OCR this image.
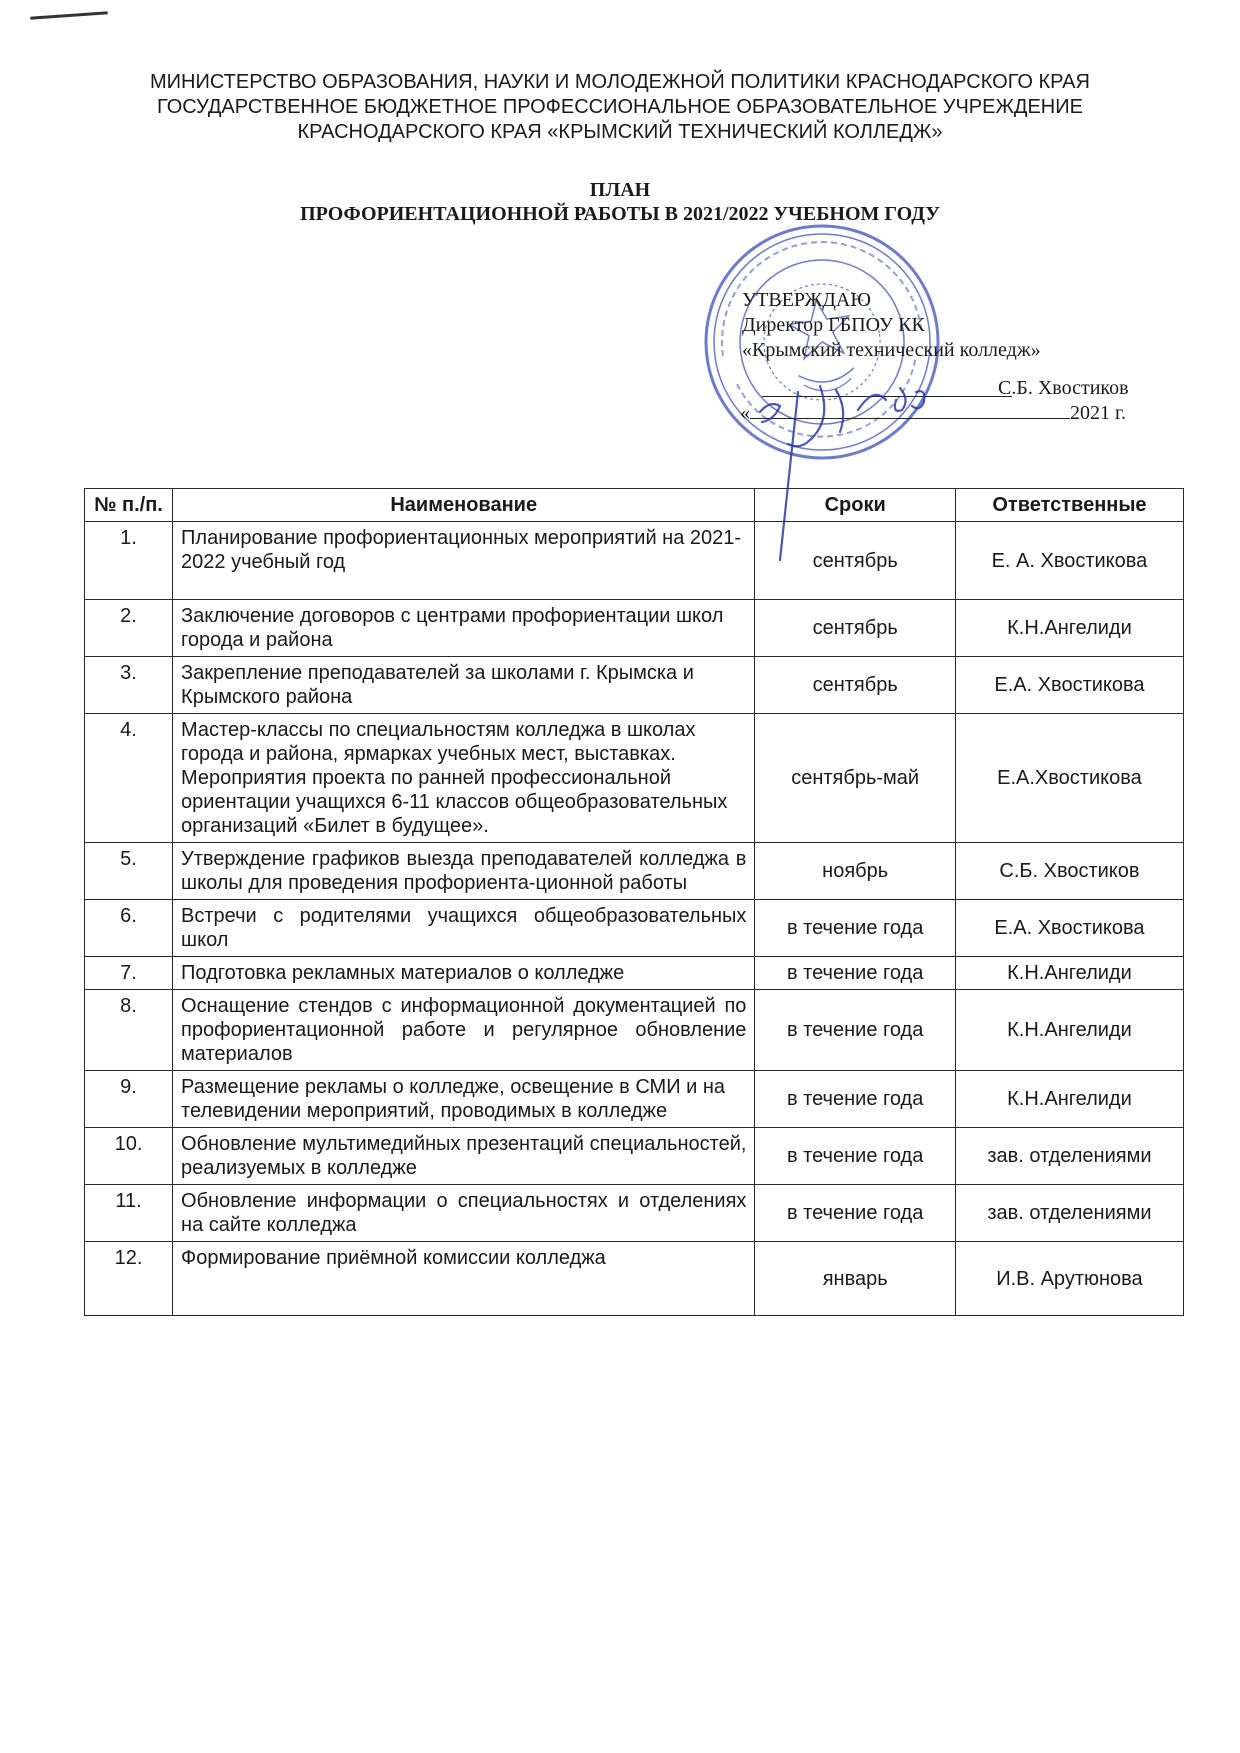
МИНИСТЕРСТВО ОБРАЗОВАНИЯ, НАУКИ И МОЛОДЕЖНОЙ ПОЛИТИКИ КРАСНОДАРСКОГО КРАЯ
ГОСУДАРСТВЕННОЕ БЮДЖЕТНОЕ ПРОФЕССИОНАЛЬНОЕ ОБРАЗОВАТЕЛЬНОЕ УЧРЕЖДЕНИЕ
КРАСНОДАРСКОГО КРАЯ «КРЫМСКИЙ ТЕХНИЧЕСКИЙ КОЛЛЕДЖ»
ПЛАН
ПРОФОРИЕНТАЦИОННОЙ РАБОТЫ В 2021/2022 УЧЕБНОМ ГОДУ
УТВЕРЖДАЮ
Директор ГБПОУ КК
«Крымский технический колледж»
С.Б. Хвостиков
«	2021 г.
№ п./п.	Наименование	Сроки	Ответственные
1.	Планирование профориентационных мероприятий на 2021-2022 учебный год	сентябрь	Е. А. Хвостикова
2.	Заключение договоров с центрами профориентации школ города и района	сентябрь	К.Н.Ангелиди
3.	Закрепление преподавателей за школами г. Крымска и Крымского района	сентябрь	Е.А. Хвостикова
4.	Мастер-классы по специальностям колледжа в школах города и района, ярмарках учебных мест, выставках. Мероприятия проекта по ранней профессиональной ориентации учащихся 6-11 классов общеобразовательных организаций «Билет в будущее».	сентябрь-май	Е.А.Хвостикова
5.	Утверждение графиков выезда преподавателей колледжа в школы для проведения профориента-ционной работы	ноябрь	С.Б. Хвостиков
6.	Встречи с родителями учащихся общеобразовательных школ	в течение года	Е.А. Хвостикова
7.	Подготовка рекламных материалов о колледже	в течение года	К.Н.Ангелиди
8.	Оснащение стендов с информационной документацией по профориентационной работе и регулярное обновление материалов	в течение года	К.Н.Ангелиди
9.	Размещение рекламы о колледже, освещение в СМИ и на телевидении мероприятий, проводимых в колледже	в течение года	К.Н.Ангелиди
10.	Обновление мультимедийных презентаций специальностей, реализуемых в колледже	в течение года	зав. отделениями
11.	Обновление информации о специальностях и отделениях на сайте колледжа	в течение года	зав. отделениями
12.	Формирование приёмной комиссии колледжа	январь	И.В. Арутюнова
